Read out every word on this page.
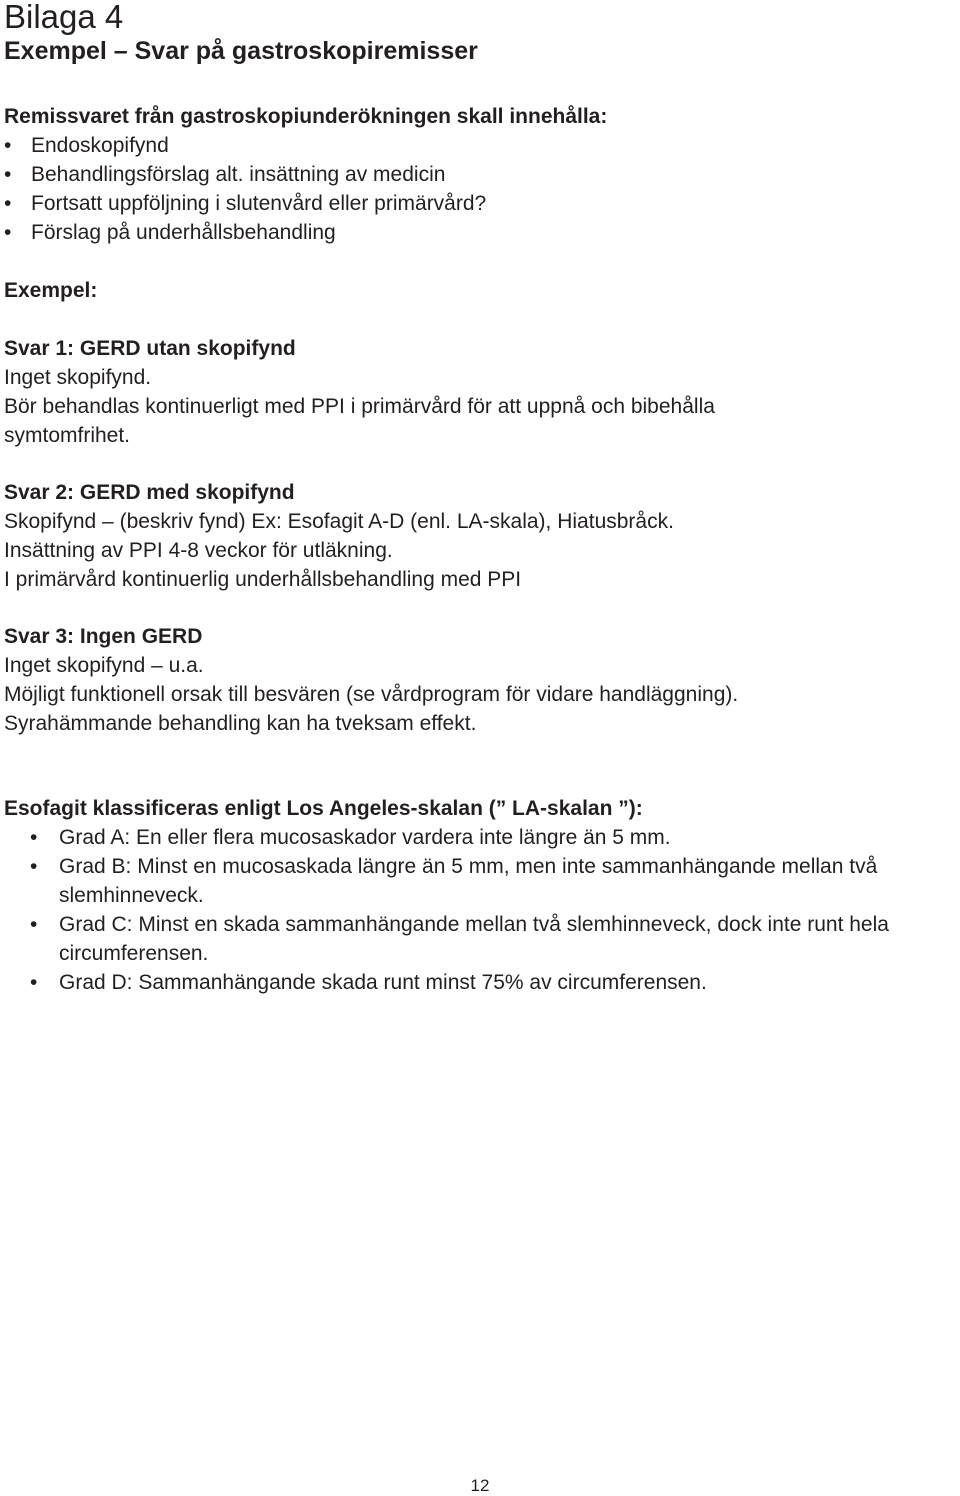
Bilaga 4
Exempel – Svar på gastroskopiremisser
Remissvaret från gastroskopiunderökningen skall innehålla:
• Endoskopifynd
• Behandlingsförslag alt. insättning av medicin
• Fortsatt uppföljning i slutenvård eller primärvård?
• Förslag på underhållsbehandling
Exempel:
Svar 1: GERD utan skopifynd
Inget skopifynd.
Bör behandlas kontinuerligt med PPI i primärvård för att uppnå och bibehålla
symtomfrihet.
Svar 2: GERD med skopifynd
Skopifynd – (beskriv fynd) Ex: Esofagit A-D (enl. LA-skala), Hiatusbråck.
Insättning av PPI 4-8 veckor för utläkning.
I primärvård kontinuerlig underhållsbehandling med PPI
Svar 3: Ingen GERD
Inget skopifynd – u.a.
Möjligt funktionell orsak till besvären (se vårdprogram för vidare handläggning).
Syrahämmande behandling kan ha tveksam effekt.
Esofagit klassificeras enligt Los Angeles-skalan (” LA-skalan ”):
• Grad A: En eller flera mucosaskador vardera inte längre än 5 mm.
• Grad B: Minst en mucosaskada längre än 5 mm, men inte sammanhängande mellan två slemhinneveck.
• Grad C: Minst en skada sammanhängande mellan två slemhinneveck, dock inte runt hela circumferensen.
• Grad D: Sammanhängande skada runt minst 75% av circumferensen.
12
